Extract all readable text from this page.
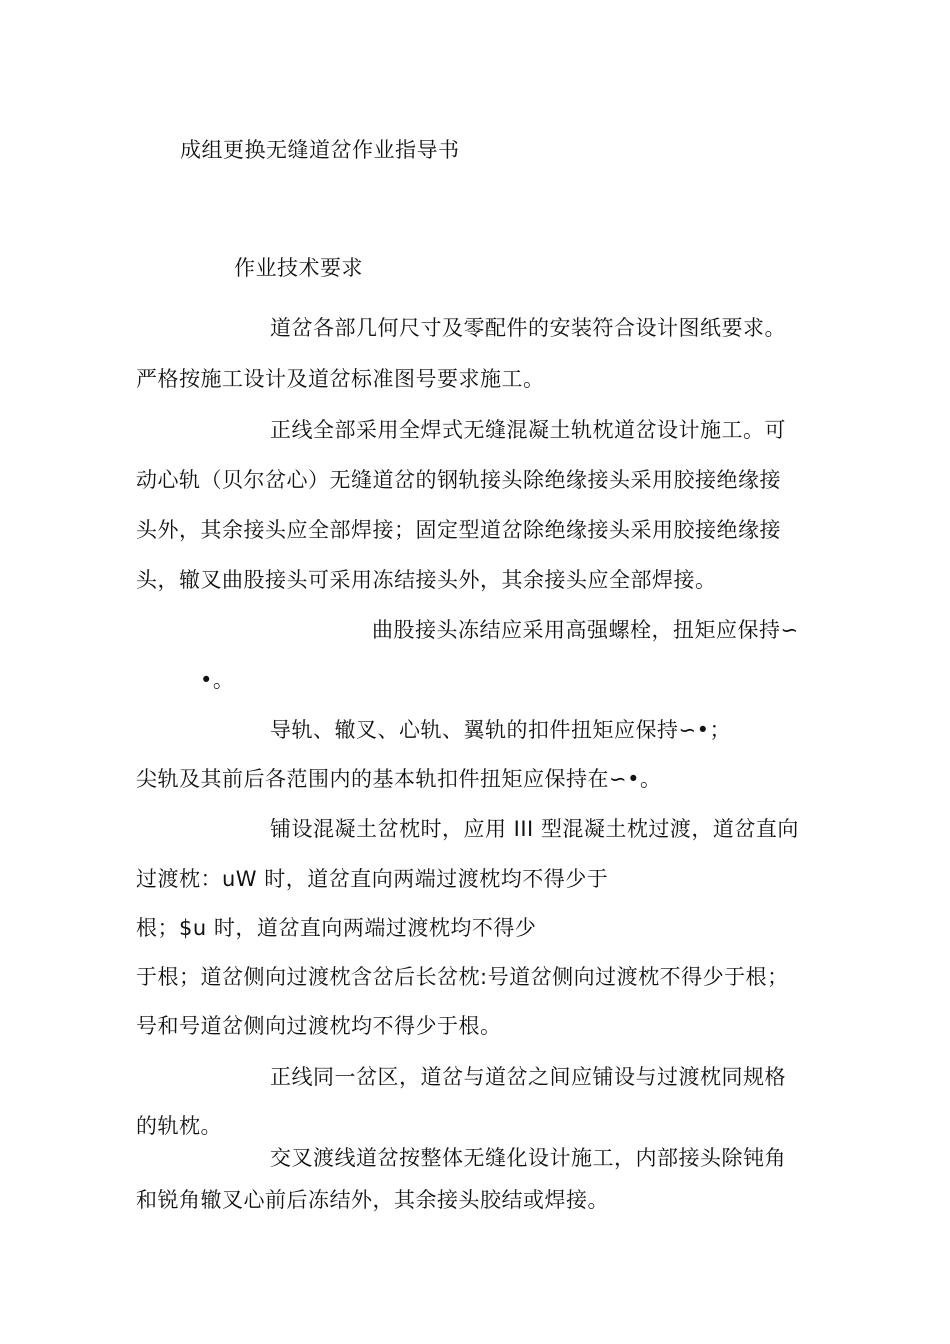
成组更换无缝道岔作业指导书
作业技术要求
道岔各部几何尺寸及零配件的安装符合设计图纸要求。
严格按施工设计及道岔标准图号要求施工。
正线全部采用全焊式无缝混凝土轨枕道岔设计施工。可
动心轨（贝尔岔心）无缝道岔的钢轨接头除绝缘接头采用胶接绝缘接
头外，其余接头应全部焊接；固定型道岔除绝缘接头采用胶接绝缘接
头，辙叉曲股接头可采用冻结接头外，其余接头应全部焊接。
曲股接头冻结应采用高强螺栓，扭矩应保持∽
•。
导轨、辙叉、心轨、翼轨的扣件扭矩应保持∽•；
尖轨及其前后各范围内的基本轨扣件扭矩应保持在∽•。
铺设混凝土岔枕时，应用 III 型混凝土枕过渡，道岔直向
过渡枕：uW 时，道岔直向两端过渡枕均不得少于
根；$u 时，道岔直向两端过渡枕均不得少
于根；道岔侧向过渡枕含岔后长岔枕:号道岔侧向过渡枕不得少于根；
号和号道岔侧向过渡枕均不得少于根。
正线同一岔区，道岔与道岔之间应铺设与过渡枕同规格
的轨枕。
交叉渡线道岔按整体无缝化设计施工，内部接头除钝角
和锐角辙叉心前后冻结外，其余接头胶结或焊接。
